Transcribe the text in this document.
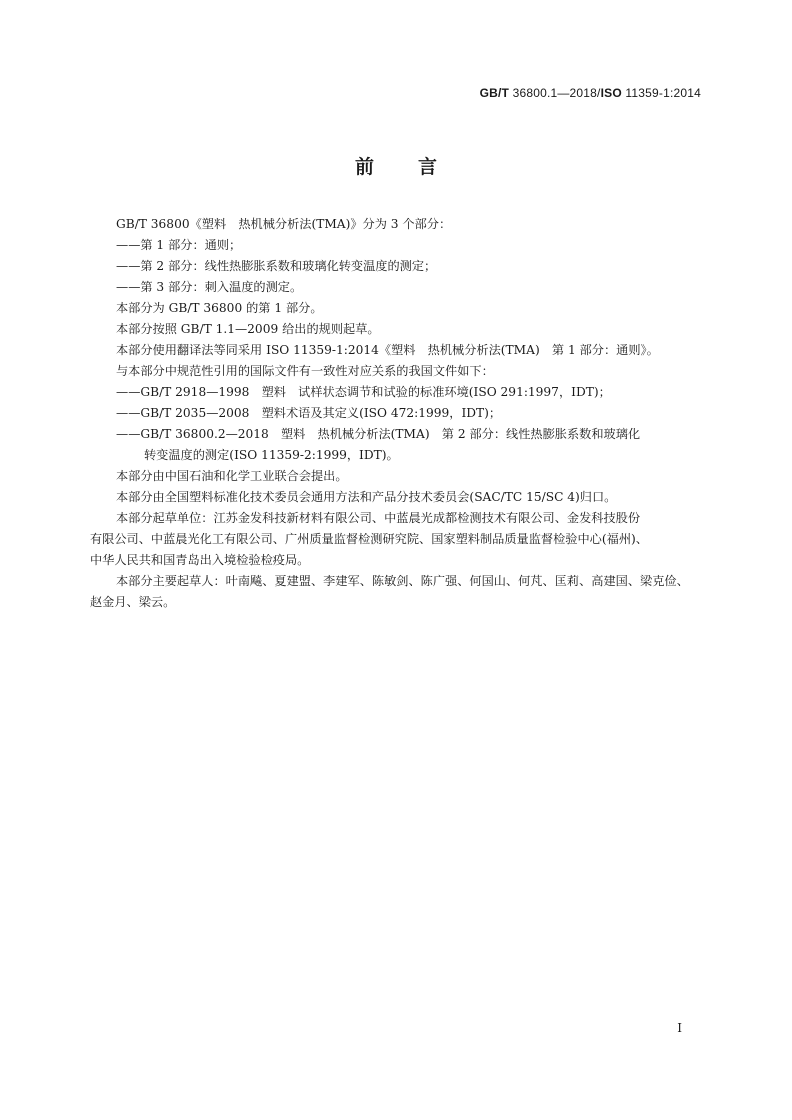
GB/T 36800.1—2018/ISO 11359-1:2014
前言

GB/T 36800《塑料　热机械分析法(TMA)》分为 3 个部分：

——第 1 部分：通则；

——第 2 部分：线性热膨胀系数和玻璃化转变温度的测定；

——第 3 部分：刺入温度的测定。

本部分为 GB/T 36800 的第 1 部分。

本部分按照 GB/T 1.1—2009 给出的规则起草。

本部分使用翻译法等同采用 ISO 11359-1:2014《塑料　热机械分析法(TMA)　第 1 部分：通则》。

与本部分中规范性引用的国际文件有一致性对应关系的我国文件如下：

——GB/T 2918—1998　塑料　试样状态调节和试验的标准环境(ISO 291:1997，IDT)；

——GB/T 2035—2008　塑料术语及其定义(ISO 472:1999，IDT)；

——GB/T 36800.2—2018　塑料　热机械分析法(TMA)　第 2 部分：线性热膨胀系数和玻璃化

转变温度的测定(ISO 11359-2:1999，IDT)。

本部分由中国石油和化学工业联合会提出。

本部分由全国塑料标准化技术委员会通用方法和产品分技术委员会(SAC/TC 15/SC 4)归口。

本部分起草单位：江苏金发科技新材料有限公司、中蓝晨光成都检测技术有限公司、金发科技股份

有限公司、中蓝晨光化工有限公司、广州质量监督检测研究院、国家塑料制品质量监督检验中心(福州)、

中华人民共和国青岛出入境检验检疫局。

本部分主要起草人：叶南飚、夏建盟、李建军、陈敏剑、陈广强、何国山、何芃、匡莉、高建国、梁克俭、

赵金月、梁云。

I
